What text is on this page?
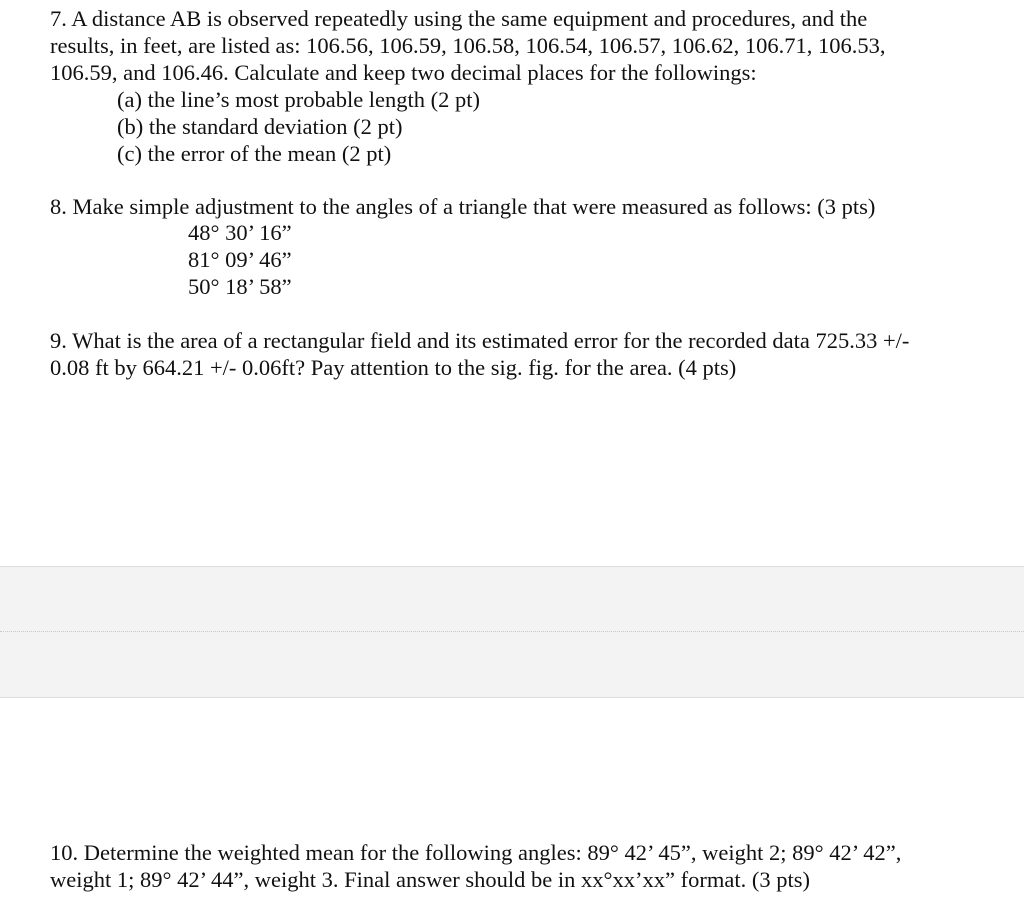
7. A distance AB is observed repeatedly using the same equipment and procedures, and the

results, in feet, are listed as: 106.56, 106.59, 106.58, 106.54, 106.57, 106.62, 106.71, 106.53,

106.59, and 106.46. Calculate and keep two decimal places for the followings:

(a) the line’s most probable length (2 pt)

(b) the standard deviation (2 pt)

(c) the error of the mean (2 pt)

8. Make simple adjustment to the angles of a triangle that were measured as follows: (3 pts)

48° 30’ 16”

81° 09’ 46”

50° 18’ 58”

9. What is the area of a rectangular field and its estimated error for the recorded data 725.33 +/-

0.08 ft by 664.21 +/- 0.06ft? Pay attention to the sig. fig. for the area. (4 pts)

10. Determine the weighted mean for the following angles: 89° 42’ 45”, weight 2; 89° 42’ 42”,

weight 1; 89° 42’ 44”, weight 3. Final answer should be in xx°xx’xx” format. (3 pts)
